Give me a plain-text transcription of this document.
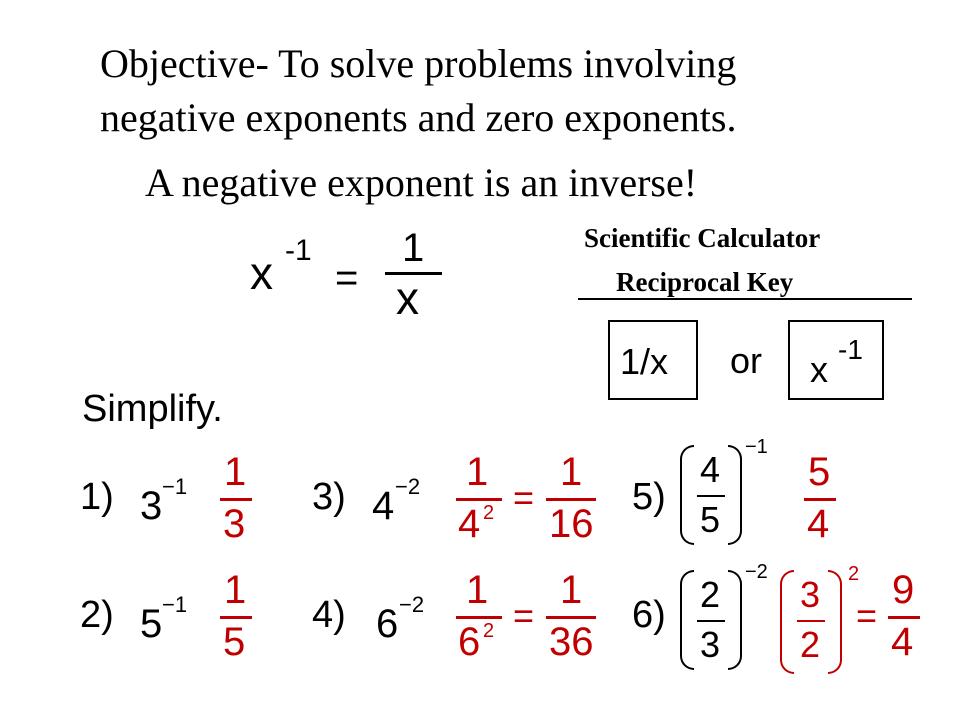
Objective- To solve problems involving
negative exponents and zero exponents.
A negative exponent is an inverse!
x -1
=
1
x
Scientific Calculator
Reciprocal Key
1/x or x -1
Simplify.
1) 3 −1 1
3
2) 5 −1 1
5
3) 4 −2 1
4 2 =
1
16
4) 6 −2 1
6 2 =
1
36
5)
4
5
−1
5
4
6) 2
3
−2
3
2
2
=
9
4
